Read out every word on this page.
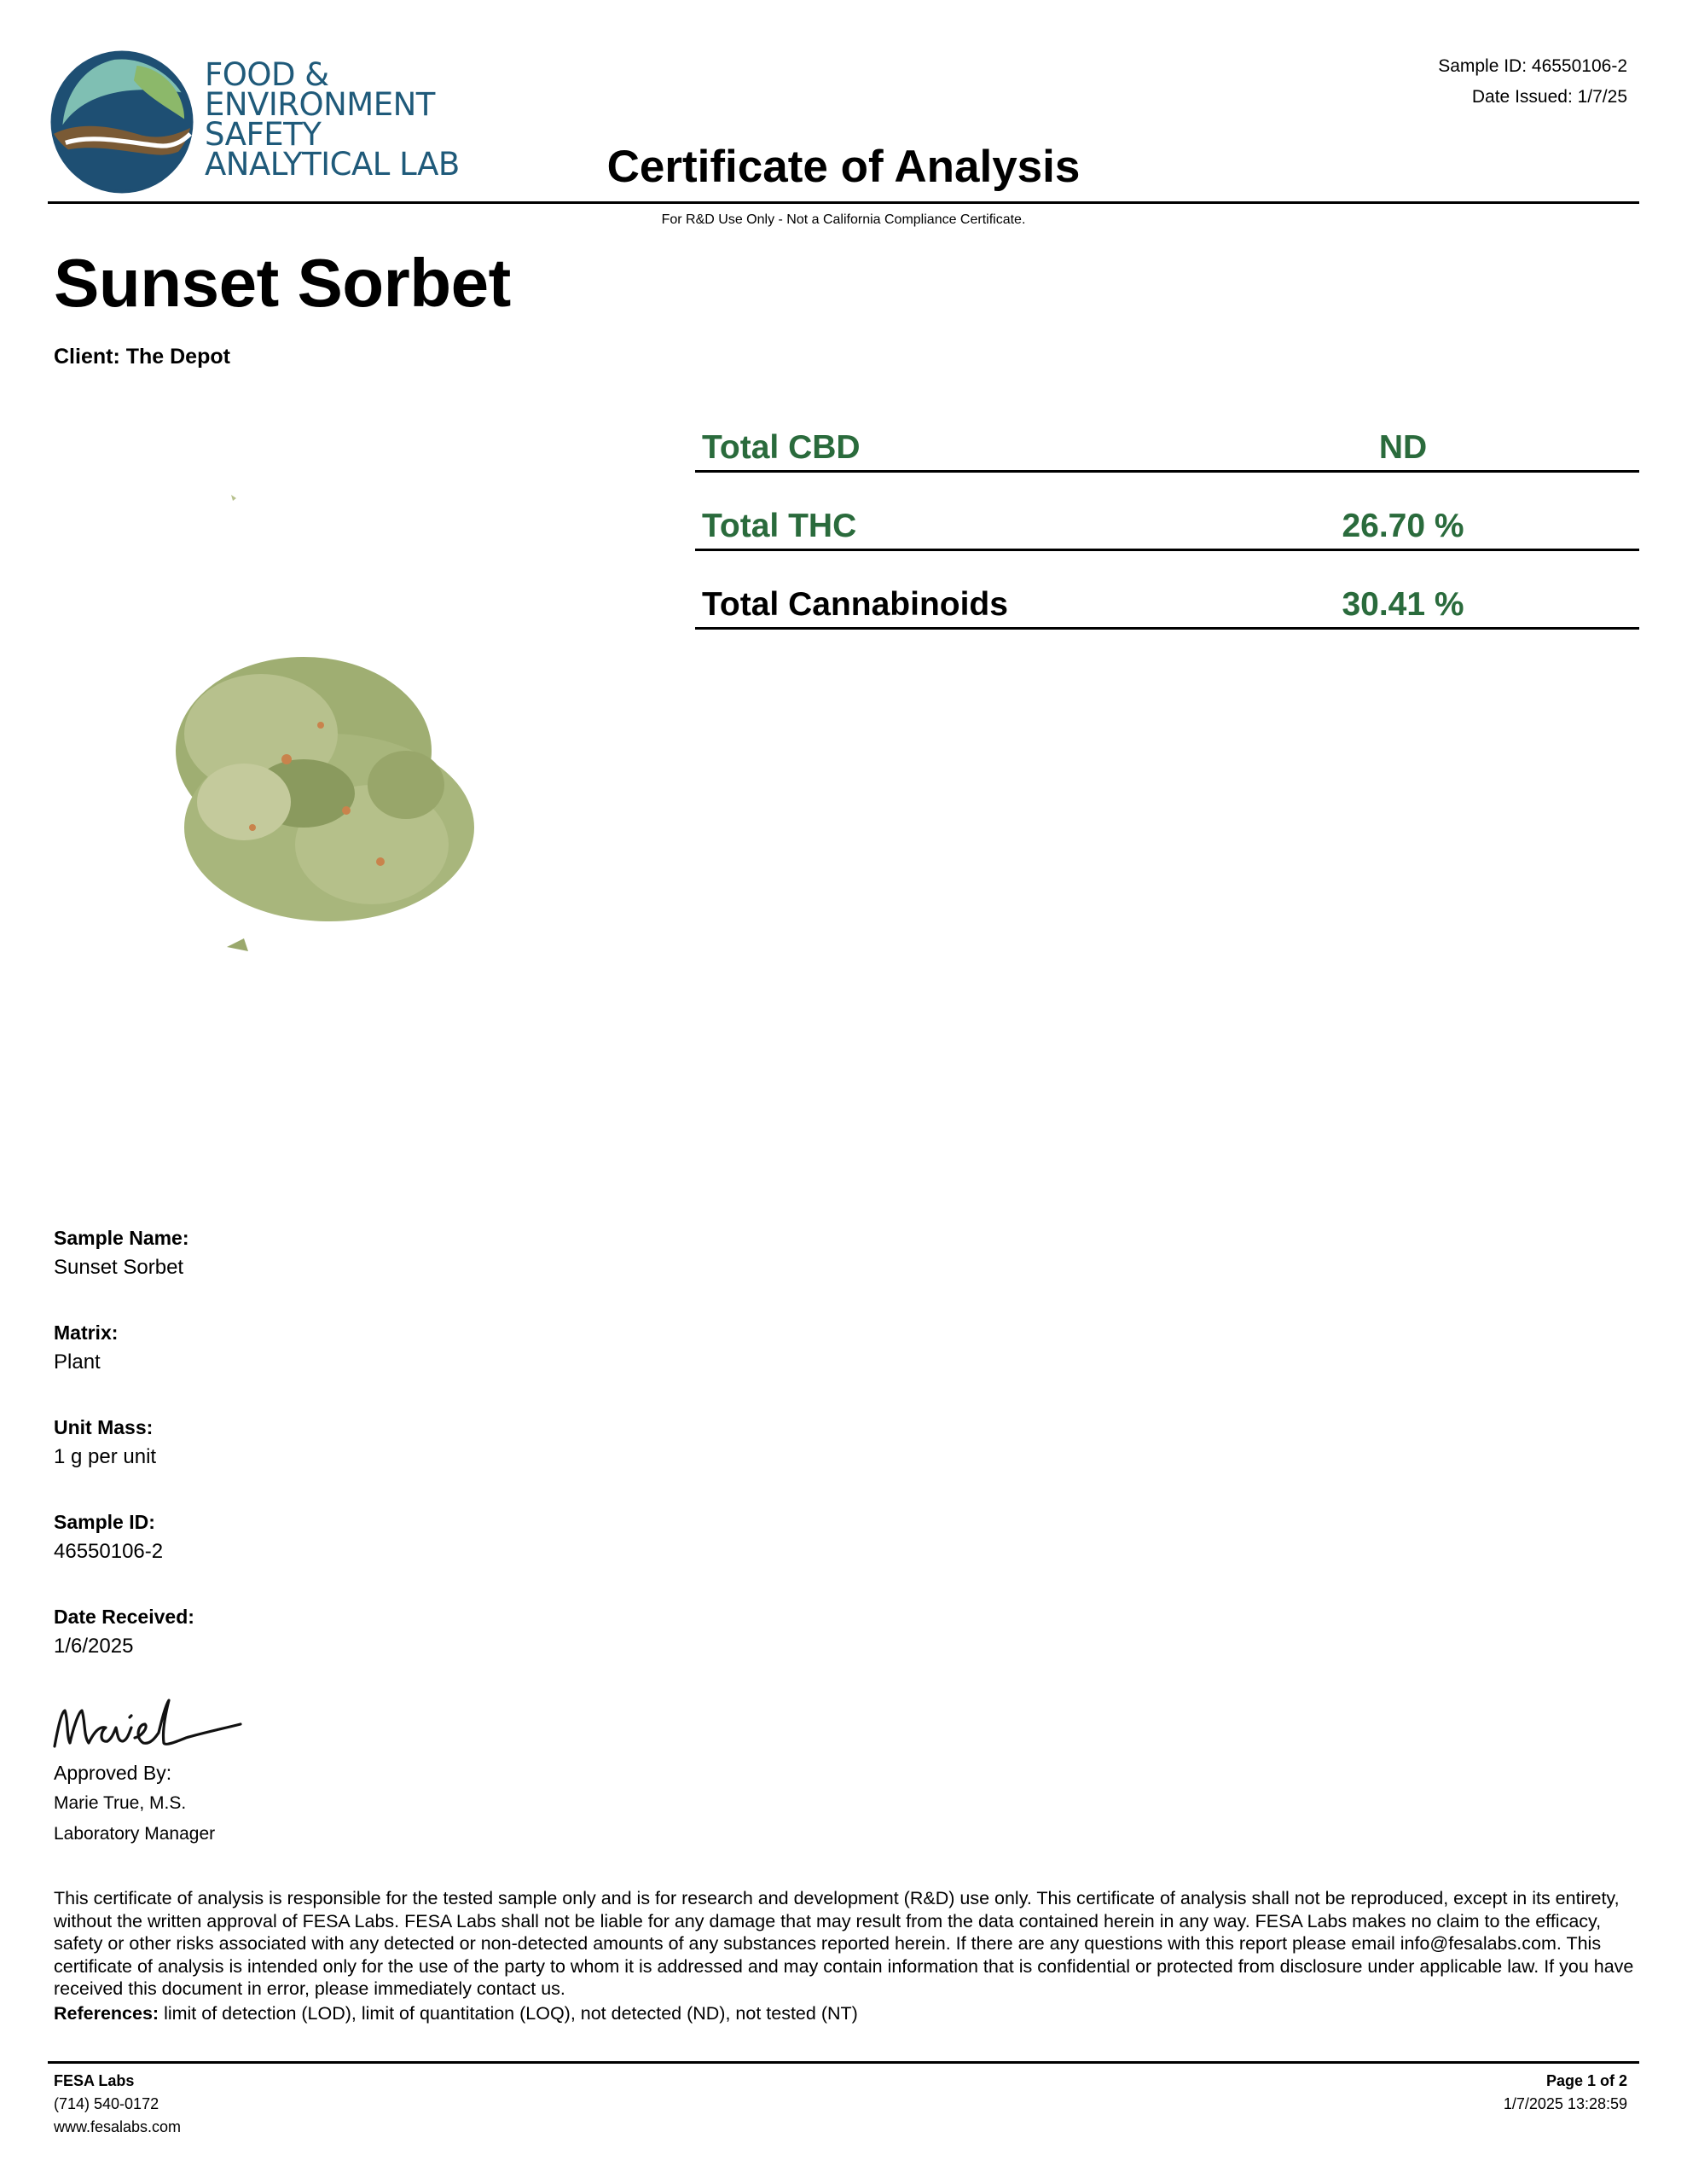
FOOD &
ENVIRONMENT
SAFETY
ANALYTICAL LAB
Sample ID: 46550106-2
Date Issued: 1/7/25
Certificate of Analysis
For R&D Use Only - Not a California Compliance Certificate.
Sunset Sorbet
Client: The Depot
Total CBD	ND
Total THC	26.70 %
Total Cannabinoids	30.41 %
Sample Name:
Sunset Sorbet
Matrix:
Plant
Unit Mass:
1 g per unit
Sample ID:
46550106-2
Date Received:
1/6/2025
Approved By:
Marie True, M.S.
Laboratory Manager
This certificate of analysis is responsible for the tested sample only and is for research and development (R&D) use only. This certificate of analysis shall not be reproduced, except in its entirety, without the written approval of FESA Labs. FESA Labs shall not be liable for any damage that may result from the data contained herein in any way. FESA Labs makes no claim to the efficacy, safety or other risks associated with any detected or non-detected amounts of any substances reported herein. If there are any questions with this report please email info@fesalabs.com. This certificate of analysis is intended only for the use of the party to whom it is addressed and may contain information that is confidential or protected from disclosure under applicable law. If you have received this document in error, please immediately contact us.
References: limit of detection (LOD), limit of quantitation (LOQ), not detected (ND), not tested (NT)
FESA Labs
(714) 540-0172
www.fesalabs.com
Page 1 of 2
1/7/2025 13:28:59
